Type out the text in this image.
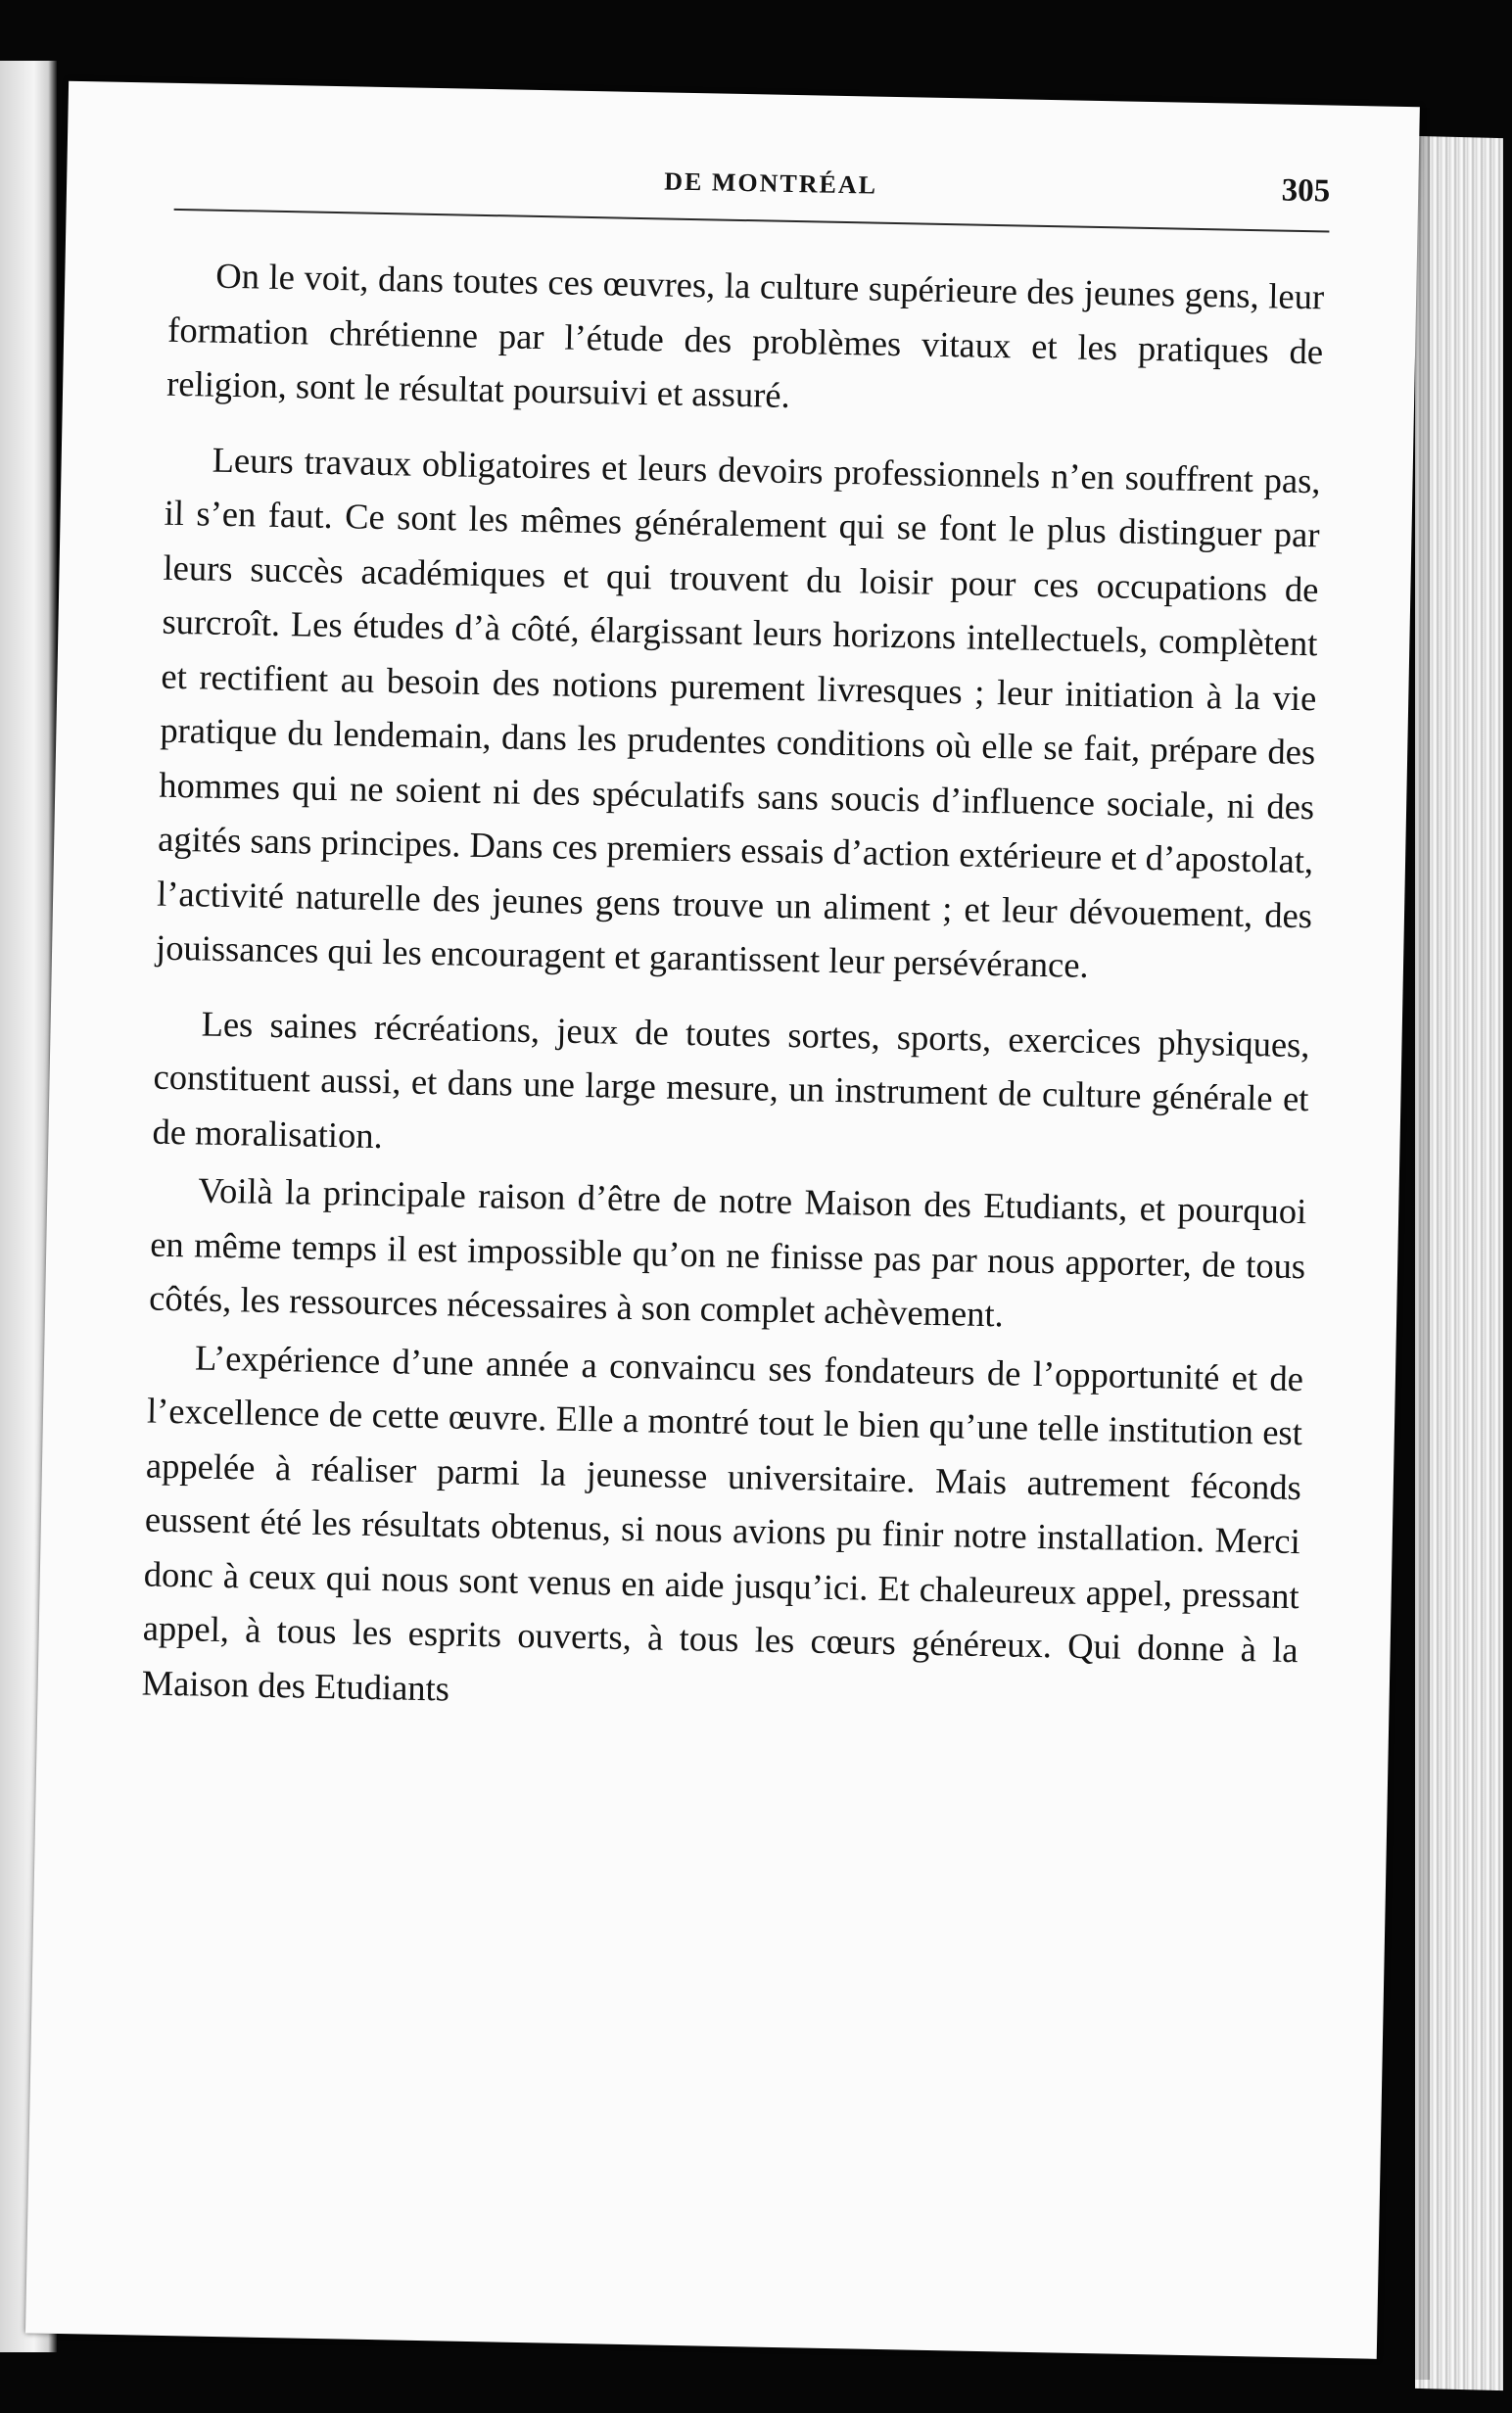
DE MONTRÉAL	305

On le voit, dans toutes ces œuvres, la culture supérieure des jeunes gens, leur formation chrétienne par l’étude des problèmes vitaux et les pratiques de religion, sont le résultat poursuivi et assuré.

Leurs travaux obligatoires et leurs devoirs professionnels n’en souffrent pas, il s’en faut. Ce sont les mêmes généralement qui se font le plus distinguer par leurs succès académiques et qui trouvent du loisir pour ces occupations de surcroît. Les études d’à côté, élargissant leurs horizons intellectuels, complètent et rectifient au besoin des notions purement livresques ; leur initiation à la vie pratique du lendemain, dans les prudentes conditions où elle se fait, prépare des hommes qui ne soient ni des spéculatifs sans soucis d’influence sociale, ni des agités sans principes. Dans ces premiers essais d’action extérieure et d’apostolat, l’activité naturelle des jeunes gens trouve un aliment ; et leur dévouement, des jouissances qui les encouragent et garantissent leur persévérance.

Les saines récréations, jeux de toutes sortes, sports, exercices physiques, constituent aussi, et dans une large mesure, un instrument de culture générale et de moralisation.

Voilà la principale raison d’être de notre Maison des Etudiants, et pourquoi en même temps il est impossible qu’on ne finisse pas par nous apporter, de tous côtés, les ressources nécessaires à son complet achèvement.

L’expérience d’une année a convaincu ses fondateurs de l’opportunité et de l’excellence de cette œuvre. Elle a montré tout le bien qu’une telle institution est appelée à réaliser parmi la jeunesse universitaire. Mais autrement féconds eussent été les résultats obtenus, si nous avions pu finir notre installation. Merci donc à ceux qui nous sont venus en aide jusqu’ici. Et chaleureux appel, pressant appel, à tous les esprits ouverts, à tous les cœurs généreux. Qui donne à la Maison des Etudiants
